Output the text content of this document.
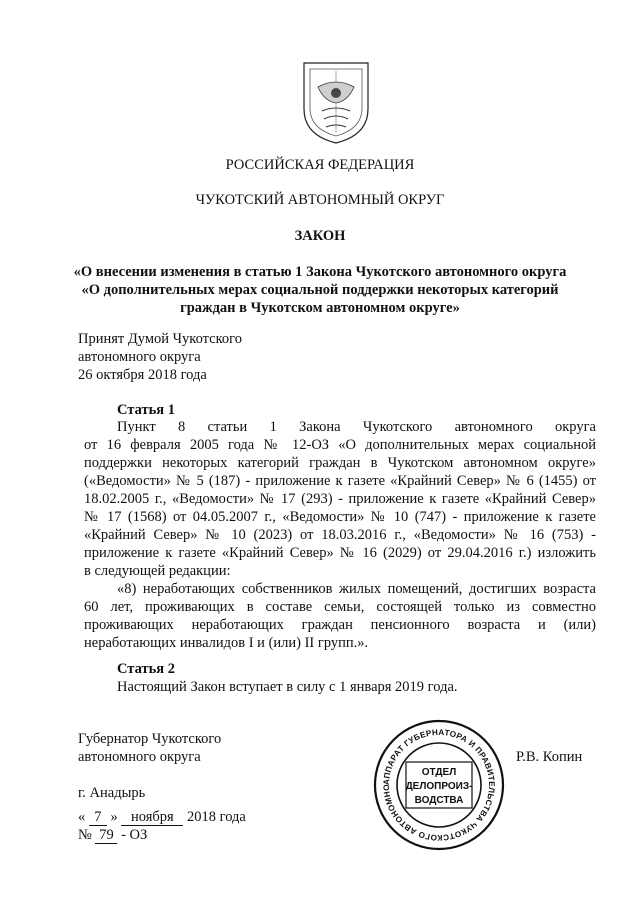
РОССИЙСКАЯ ФЕДЕРАЦИЯ
ЧУКОТСКИЙ АВТОНОМНЫЙ ОКРУГ
ЗАКОН
«О внесении изменения в статью 1 Закона Чукотского автономного округа
«О дополнительных мерах социальной поддержки некоторых категорий
граждан в Чукотском автономном округе»
Принят Думой Чукотского
автономного округа
26 октября 2018 года
Статья 1
Пункт 8 статьи 1 Закона Чукотского автономного округа
от 16 февраля 2005 года № 12-ОЗ «О дополнительных мерах социальной
поддержки некоторых категорий граждан в Чукотском автономном округе»
(«Ведомости» № 5 (187) - приложение к газете «Крайний Север» № 6 (1455) от
18.02.2005 г., «Ведомости» № 17 (293) - приложение к газете «Крайний Север»
№ 17 (1568) от 04.05.2007 г., «Ведомости» № 10 (747) - приложение к газете
«Крайний Север» № 10 (2023) от 18.03.2016 г., «Ведомости» № 16 (753) -
приложение к газете «Крайний Север» № 16 (2029) от 29.04.2016 г.) изложить
в следующей редакции:
«8) неработающих собственников жилых помещений, достигших возраста
60 лет, проживающих в составе семьи, состоящей только из совместно
проживающих неработающих граждан пенсионного возраста и (или)
неработающих инвалидов I и (или) II групп.».
Статья 2
Настоящий Закон вступает в силу с 1 января 2019 года.
Губернатор Чукотского
автономного округа	Р.В. Копин
АППАРАТ ГУБЕРНАТОРА И ПРАВИТЕЛЬСТВА ЧУКОТСКОГО АВТОНОМНО
ОТДЕЛ
ДЕЛОПРОИЗ-
ВОДСТВА
г. Анадырь
« 7 » ноября 2018 года
№ 79 - ОЗ
